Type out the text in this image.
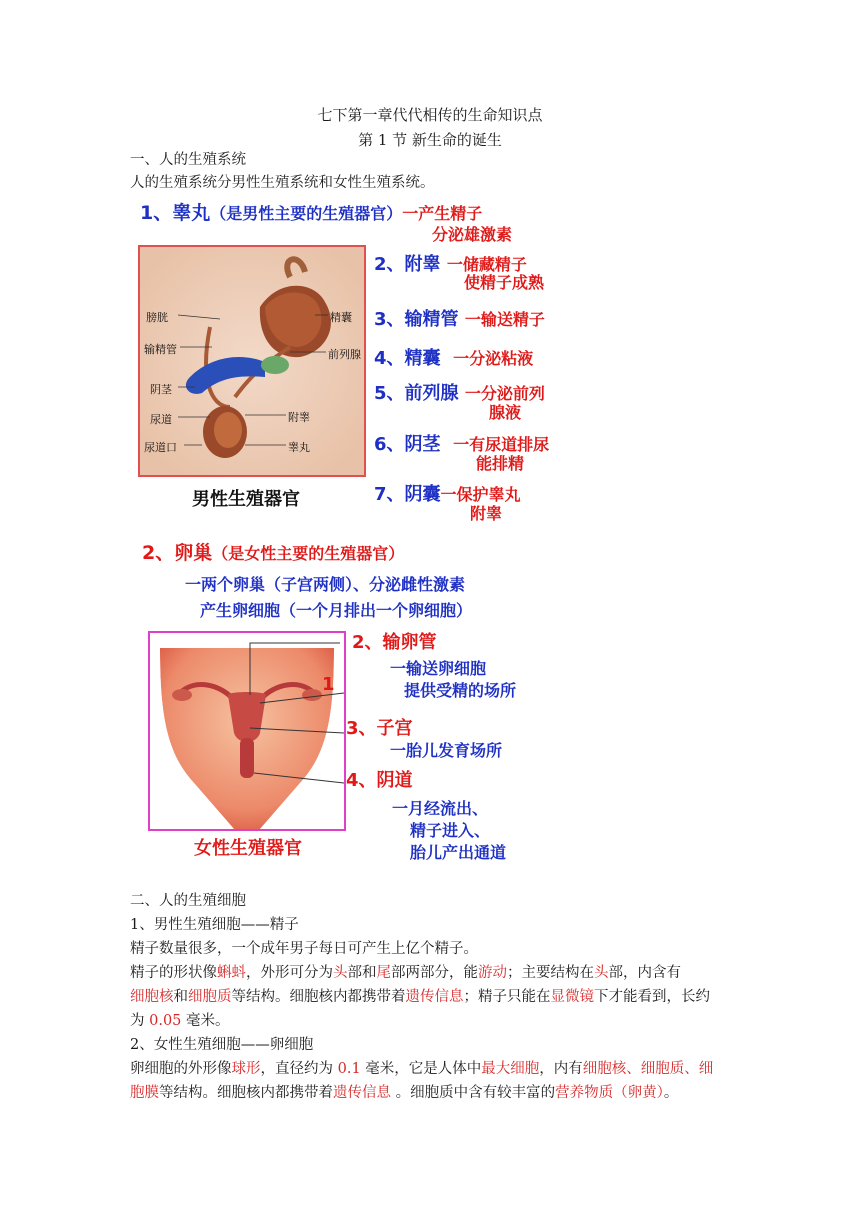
七下第一章代代相传的生命知识点
第 1 节 新生命的诞生
一、人的生殖系统
人的生殖系统分男性生殖系统和女性生殖系统。
1、睾丸（是男性主要的生殖器官）一产生精子
分泌雄激素
膀胱
输精管
阴茎
尿道
尿道口
精囊
前列腺
附睾
睾丸
男性生殖器官
2、附睾 一储藏精子
使精子成熟
3、输精管 一输送精子
4、精囊 一分泌粘液
5、前列腺 一分泌前列
腺液
6、阴茎 一有尿道排尿
能排精
7、阴囊一保护睾丸
附睾
2、卵巢（是女性主要的生殖器官）
一两个卵巢（子宫两侧）、分泌雌性激素
产生卵细胞（一个月排出一个卵细胞）
1
女性生殖器官
2、输卵管
一输送卵细胞
提供受精的场所
3、子宫
一胎儿发育场所
4、阴道
一月经流出、
精子进入、
胎儿产出通道
二、人的生殖细胞
1、男性生殖细胞——精子
精子数量很多，一个成年男子每日可产生上亿个精子。
精子的形状像蝌蚪，外形可分为头部和尾部两部分，能游动；主要结构在头部，内含有
细胞核和细胞质等结构。细胞核内都携带着遗传信息；精子只能在显微镜下才能看到，长约
为 0.05 毫米。
2、女性生殖细胞——卵细胞
卵细胞的外形像球形，直径约为 0.1 毫米，它是人体中最大细胞，内有细胞核、细胞质、细
胞膜等结构。细胞核内都携带着遗传信息 。细胞质中含有较丰富的营养物质（卵黄）。
